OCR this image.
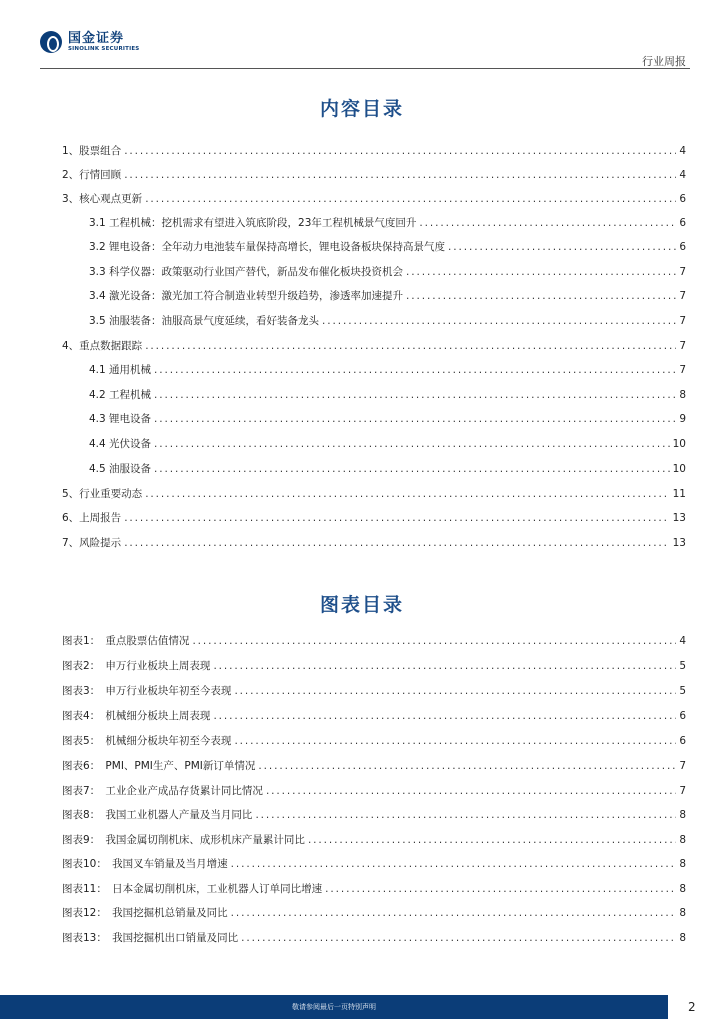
国金证券
SINOLINK SECURITIES
行业周报
内容目录
1、股票组合 .....	4
2、行情回顾 .....	4
3、核心观点更新 .....	6
3.1 工程机械：挖机需求有望进入筑底阶段，23年工程机械景气度回升 .....	6
3.2 锂电设备：全年动力电池装车量保持高增长，锂电设备板块保持高景气度 .....	6
3.3 科学仪器：政策驱动行业国产替代，新品发布催化板块投资机会 .....	7
3.4 激光设备：激光加工符合制造业转型升级趋势，渗透率加速提升 .....	7
3.5 油服装备：油服高景气度延续，看好装备龙头 .....	7
4、重点数据跟踪 .....	7
4.1 通用机械 .....	7
4.2 工程机械 .....	8
4.3 锂电设备 .....	9
4.4 光伏设备 .....	10
4.5 油服设备 .....	10
5、行业重要动态 .....	11
6、上周报告 .....	13
7、风险提示 .....	13
图表目录
图表1：　重点股票估值情况 .....	4
图表2：　申万行业板块上周表现 .....	5
图表3：　申万行业板块年初至今表现 .....	5
图表4：　机械细分板块上周表现 .....	6
图表5：　机械细分板块年初至今表现 .....	6
图表6：　PMI、PMI生产、PMI新订单情况 .....	7
图表7：　工业企业产成品存货累计同比情况 .....	7
图表8：　我国工业机器人产量及当月同比 .....	8
图表9：　我国金属切削机床、成形机床产量累计同比 .....	8
图表10：　我国叉车销量及当月增速 .....	8
图表11：　日本金属切削机床，工业机器人订单同比增速 .....	8
图表12：　我国挖掘机总销量及同比 .....	8
图表13：　我国挖掘机出口销量及同比 .....	8
敬请参阅最后一页特别声明	2
